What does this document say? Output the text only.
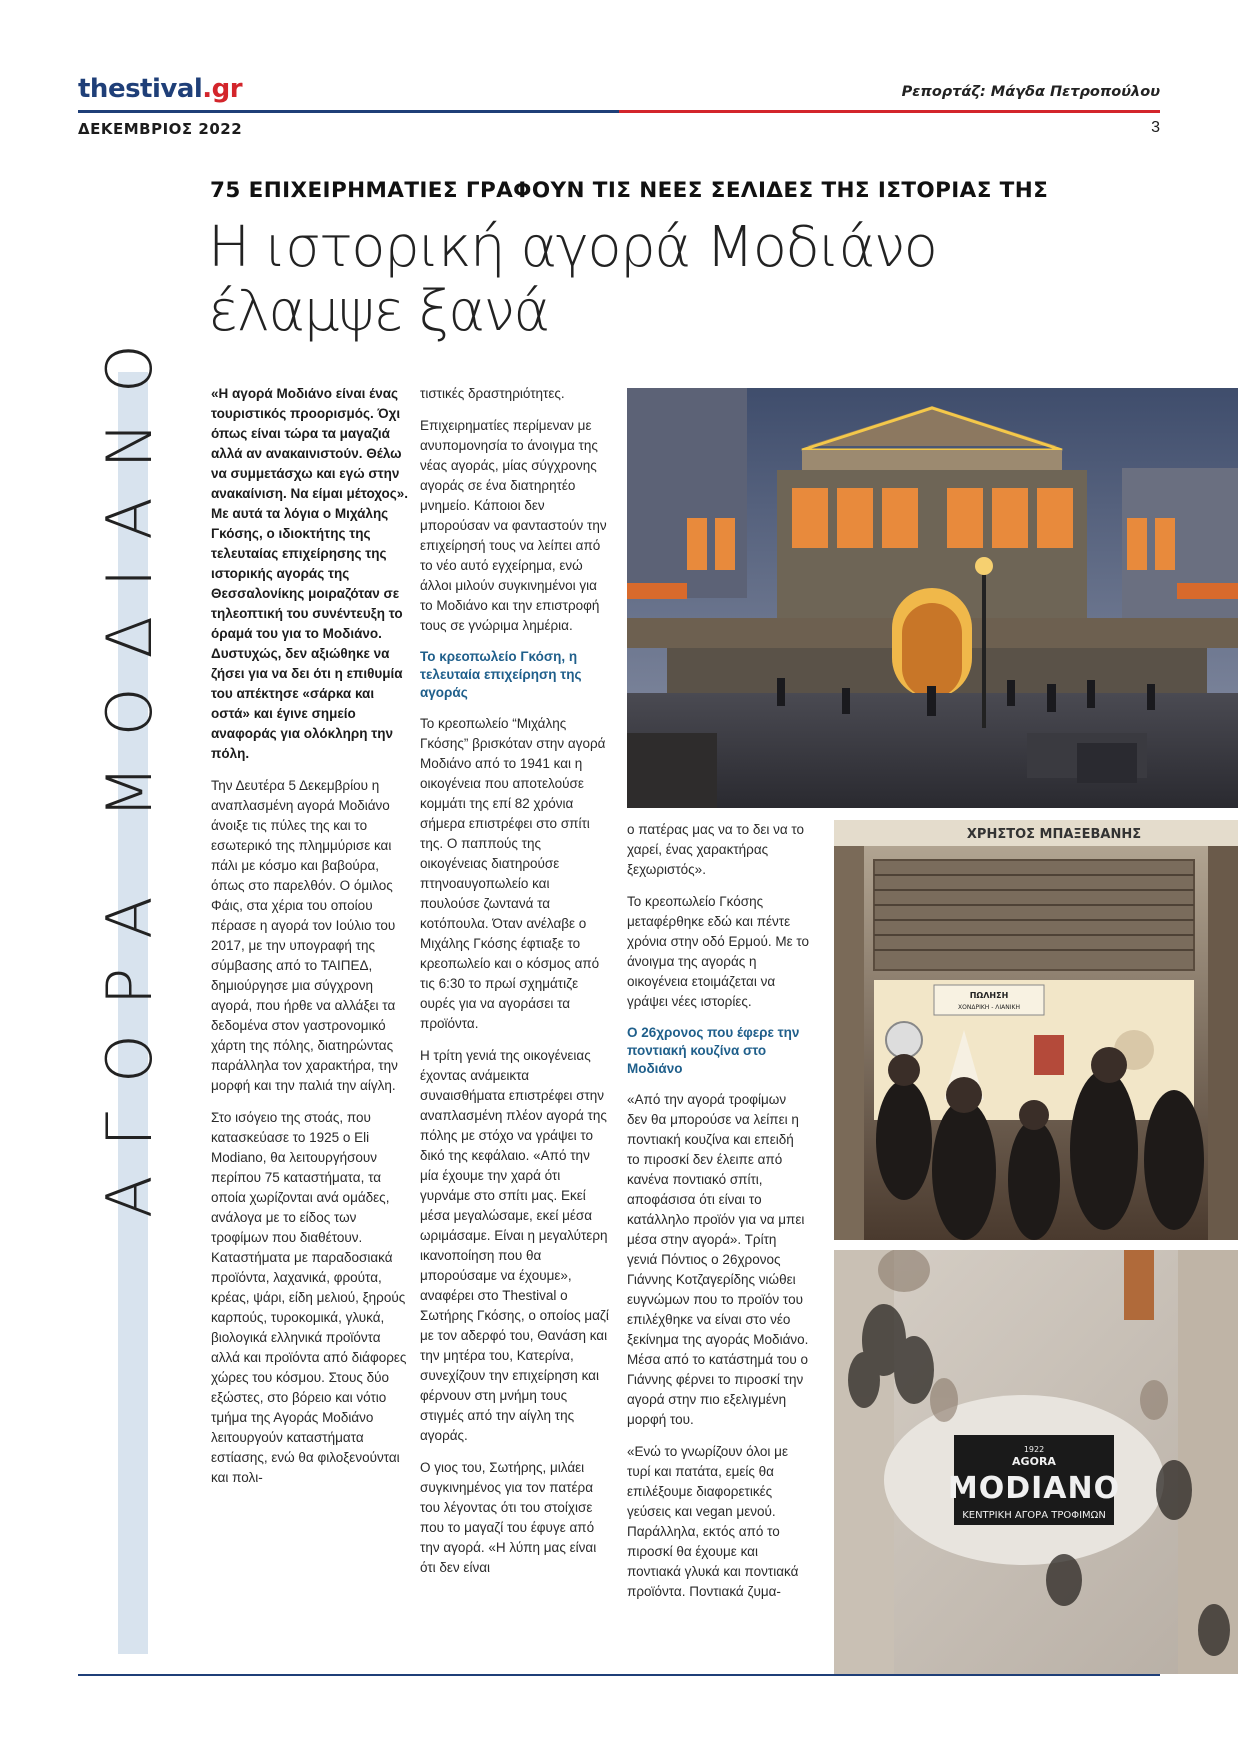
thestival.gr	Ρεπορτάζ: Μάγδα Πετροπούλου
ΔΕΚΕΜΒΡΙΟΣ 2022	3
ΑΓΟΡΑ ΜΟΔΙΑΝΟ
75 ΕΠΙΧΕΙΡΗΜΑΤΙΕΣ ΓΡΑΦΟΥΝ ΤΙΣ ΝΕΕΣ ΣΕΛΙΔΕΣ ΤΗΣ ΙΣΤΟΡΙΑΣ ΤΗΣ
Η ιστορική αγορά Μοδιάνο
έλαμψε ξανά

«Η αγορά Μοδιάνο είναι ένας τουριστικός προορισμός. Όχι όπως είναι τώρα τα μαγαζιά αλλά αν ανακαινιστούν. Θέλω να συμμετάσχω και εγώ στην ανακαίνιση. Να είμαι μέτοχος». Με αυτά τα λόγια ο Μιχάλης Γκόσης, ο ιδιοκτήτης της τελευταίας επιχείρησης της ιστορικής αγοράς της Θεσσαλονίκης μοιραζόταν σε τηλεοπτική του συνέντευξη το όραμά του για το Μοδιάνο. Δυστυχώς, δεν αξιώθηκε να ζήσει για να δει ότι η επιθυμία του απέκτησε «σάρκα και οστά» και έγινε σημείο αναφοράς για ολόκληρη την πόλη.

Την Δευτέρα 5 Δεκεμβρίου η αναπλασμένη αγορά Μοδιάνο άνοιξε τις πύλες της και το εσωτερικό της πλημμύρισε και πάλι με κόσμο και βαβούρα, όπως στο παρελθόν. Ο όμιλος Φάις, στα χέρια του οποίου πέρασε η αγορά τον Ιούλιο του 2017, με την υπογραφή της σύμβασης από το ΤΑΙΠΕΔ, δημιούργησε μια σύγχρονη αγορά, που ήρθε να αλλάξει τα δεδομένα στον γαστρονομικό χάρτη της πόλης, διατηρώντας παράλληλα τον χαρακτήρα, την μορφή και την παλιά την αίγλη.

Στο ισόγειο της στοάς, που κατασκεύασε το 1925 ο Eli Modiano, θα λειτουργήσουν περίπου 75 καταστήματα, τα οποία χωρίζονται ανά ομάδες, ανάλογα με το είδος των τροφίμων που διαθέτουν. Καταστήματα με παραδοσιακά προϊόντα, λαχανικά, φρούτα, κρέας, ψάρι, είδη μελιού, ξηρούς καρπούς, τυροκομικά, γλυκά, βιολογικά ελληνικά προϊόντα αλλά και προϊόντα από διάφορες χώρες του κόσμου. Στους δύο εξώστες, στο βόρειο και νότιο τμήμα της Αγοράς Μοδιάνο λειτουργούν καταστήματα εστίασης, ενώ θα φιλοξενούνται και πολι-

τιστικές δραστηριότητες.

Επιχειρηματίες περίμεναν με ανυπομονησία το άνοιγμα της νέας αγοράς, μίας σύγχρονης αγοράς σε ένα διατηρητέο μνημείο. Κάποιοι δεν μπορούσαν να φανταστούν την επιχείρησή τους να λείπει από το νέο αυτό εγχείρημα, ενώ άλλοι μιλούν συγκινημένοι για το Μοδιάνο και την επιστροφή τους σε γνώριμα λημέρια.

Το κρεοπωλείο Γκόση, η τελευταία επιχείρηση της αγοράς

Το κρεοπωλείο “Μιχάλης Γκόσης” βρισκόταν στην αγορά Μοδιάνο από το 1941 και η οικογένεια που αποτελούσε κομμάτι της επί 82 χρόνια σήμερα επιστρέφει στο σπίτι της. Ο παππούς της οικογένειας διατηρούσε πτηνοαυγοπωλείο και πουλούσε ζωντανά τα κοτόπουλα. Όταν ανέλαβε ο Μιχάλης Γκόσης έφτιαξε το κρεοπωλείο και ο κόσμος από τις 6:30 το πρωί σχημάτιζε ουρές για να αγοράσει τα προϊόντα.

Η τρίτη γενιά της οικογένειας έχοντας ανάμεικτα συναισθήματα επιστρέφει στην αναπλασμένη πλέον αγορά της πόλης με στόχο να γράψει το δικό της κεφάλαιο. «Από την μία έχουμε την χαρά ότι γυρνάμε στο σπίτι μας. Εκεί μέσα μεγαλώσαμε, εκεί μέσα ωριμάσαμε. Είναι η μεγαλύτερη ικανοποίηση που θα μπορούσαμε να έχουμε», αναφέρει στο Thestival ο Σωτήρης Γκόσης, ο οποίος μαζί με τον αδερφό του, Θανάση και την μητέρα του, Κατερίνα, συνεχίζουν την επιχείρηση και φέρνουν στη μνήμη τους στιγμές από την αίγλη της αγοράς.

Ο γιος του, Σωτήρης, μιλάει συγκινημένος για τον πατέρα του λέγοντας ότι του στοίχισε που το μαγαζί του έφυγε από την αγορά. «Η λύπη μας είναι ότι δεν είναι

ο πατέρας μας να το δει να το χαρεί, ένας χαρακτήρας ξεχωριστός».

Το κρεοπωλείο Γκόσης μεταφέρθηκε εδώ και πέντε χρόνια στην οδό Ερμού. Με το άνοιγμα της αγοράς η οικογένεια ετοιμάζεται να γράψει νέες ιστορίες.

Ο 26χρονος που έφερε την ποντιακή κουζίνα στο Μοδιάνο

«Από την αγορά τροφίμων δεν θα μπορούσε να λείπει η ποντιακή κουζίνα και επειδή το πιροσκί δεν έλειπε από κανένα ποντιακό σπίτι, αποφάσισα ότι είναι το κατάλληλο προϊόν για να μπει μέσα στην αγορά». Τρίτη γενιά Πόντιος ο 26χρονος Γιάννης Κοτζαγερίδης νιώθει ευγνώμων που το προϊόν του επιλέχθηκε να είναι στο νέο ξεκίνημα της αγοράς Μοδιάνο. Μέσα από το κατάστημά του ο Γιάννης φέρνει το πιροσκί την αγορά στην πιο εξελιγμένη μορφή του.

«Ενώ το γνωρίζουν όλοι με τυρί και πατάτα, εμείς θα επιλέξουμε διαφορετικές γεύσεις και vegan μενού. Παράλληλα, εκτός από το πιροσκί θα έχουμε και ποντιακά γλυκά και ποντιακά προϊόντα. Ποντιακά ζυμα-

ΧΡΗΣΤΟΣ ΜΠΑΞΕΒΑΝΗΣ
ΠΩΛΗΣΗ
ΧΟΝΔΡΙΚΗ - ΛΙΑΝΙΚΗ
1922
AGORA
MODIANO
ΚΕΝΤΡΙΚΗ ΑΓΟΡΑ ΤΡΟΦΙΜΩΝ
